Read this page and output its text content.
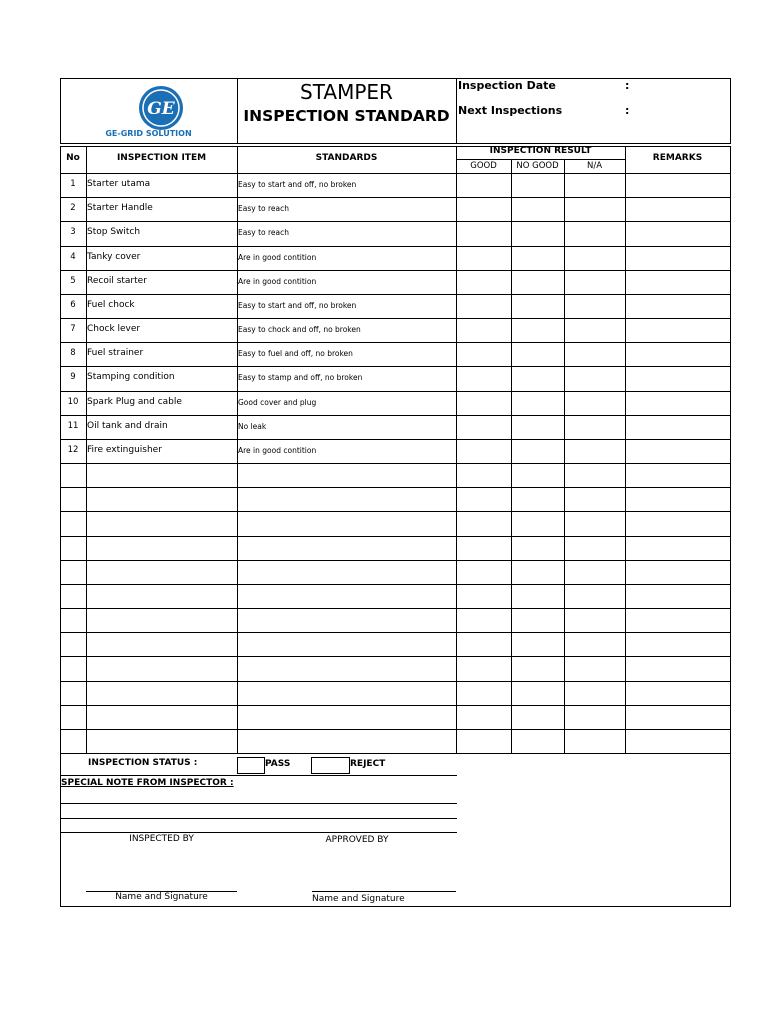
GE
GE-GRID SOLUTION
STAMPER
INSPECTION STANDARD
Inspection Date	:
Next Inspections	:
No	INSPECTION ITEM	STANDARDS
INSPECTION RESULT
GOOD	NO GOOD	N/A
REMARKS
1	Starter utama	Easy to start and off, no broken
2	Starter Handle	Easy to reach
3	Stop Switch	Easy to reach
4	Tanky cover	Are in good contition
5	Recoil starter	Are in good contition
6	Fuel chock	Easy to start and off, no broken
7	Chock lever	Easy to chock and off, no broken
8	Fuel strainer	Easy to fuel and off, no broken
9	Stamping condition	Easy to stamp and off, no broken
10 Spark Plug and cable	Good cover and plug
11 Oil tank and drain	No leak
12 Fire extinguisher	Are in good contition
INSPECTION STATUS :	PASS	REJECT
SPECIAL NOTE FROM INSPECTOR :
INSPECTED BY	APPROVED BY
Name and Signature	Name and Signature
